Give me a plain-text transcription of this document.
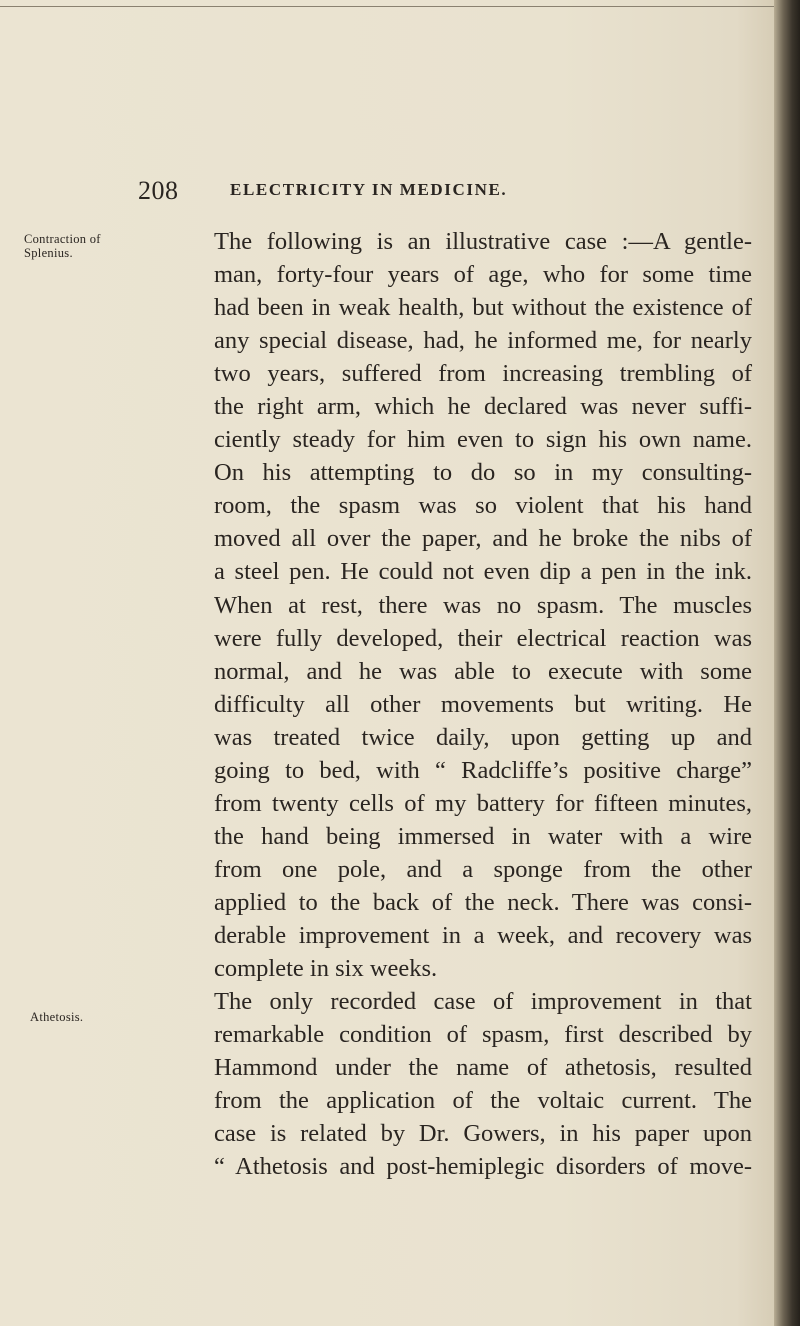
208	ELECTRICITY IN MEDICINE.
Contraction of
Splenius.
Athetosis.
The following is an illustrative case :—A gentle-
man, forty-four years of age, who for some time
had been in weak health, but without the existence of
any special disease, had, he informed me, for nearly
two years, suffered from increasing trembling of
the right arm, which he declared was never suffi-
ciently steady for him even to sign his own name.
On his attempting to do so in my consulting-
room, the spasm was so violent that his hand
moved all over the paper, and he broke the nibs of
a steel pen. He could not even dip a pen in the ink.
When at rest, there was no spasm. The muscles
were fully developed, their electrical reaction was
normal, and he was able to execute with some
difficulty all other movements but writing. He
was treated twice daily, upon getting up and
going to bed, with “ Radcliffe’s positive charge”
from twenty cells of my battery for fifteen minutes,
the hand being immersed in water with a wire
from one pole, and a sponge from the other
applied to the back of the neck. There was consi-
derable improvement in a week, and recovery was
complete in six weeks.
The only recorded case of improvement in that
remarkable condition of spasm, first described by
Hammond under the name of athetosis, resulted
from the application of the voltaic current. The
case is related by Dr. Gowers, in his paper upon
“ Athetosis and post-hemiplegic disorders of move-
